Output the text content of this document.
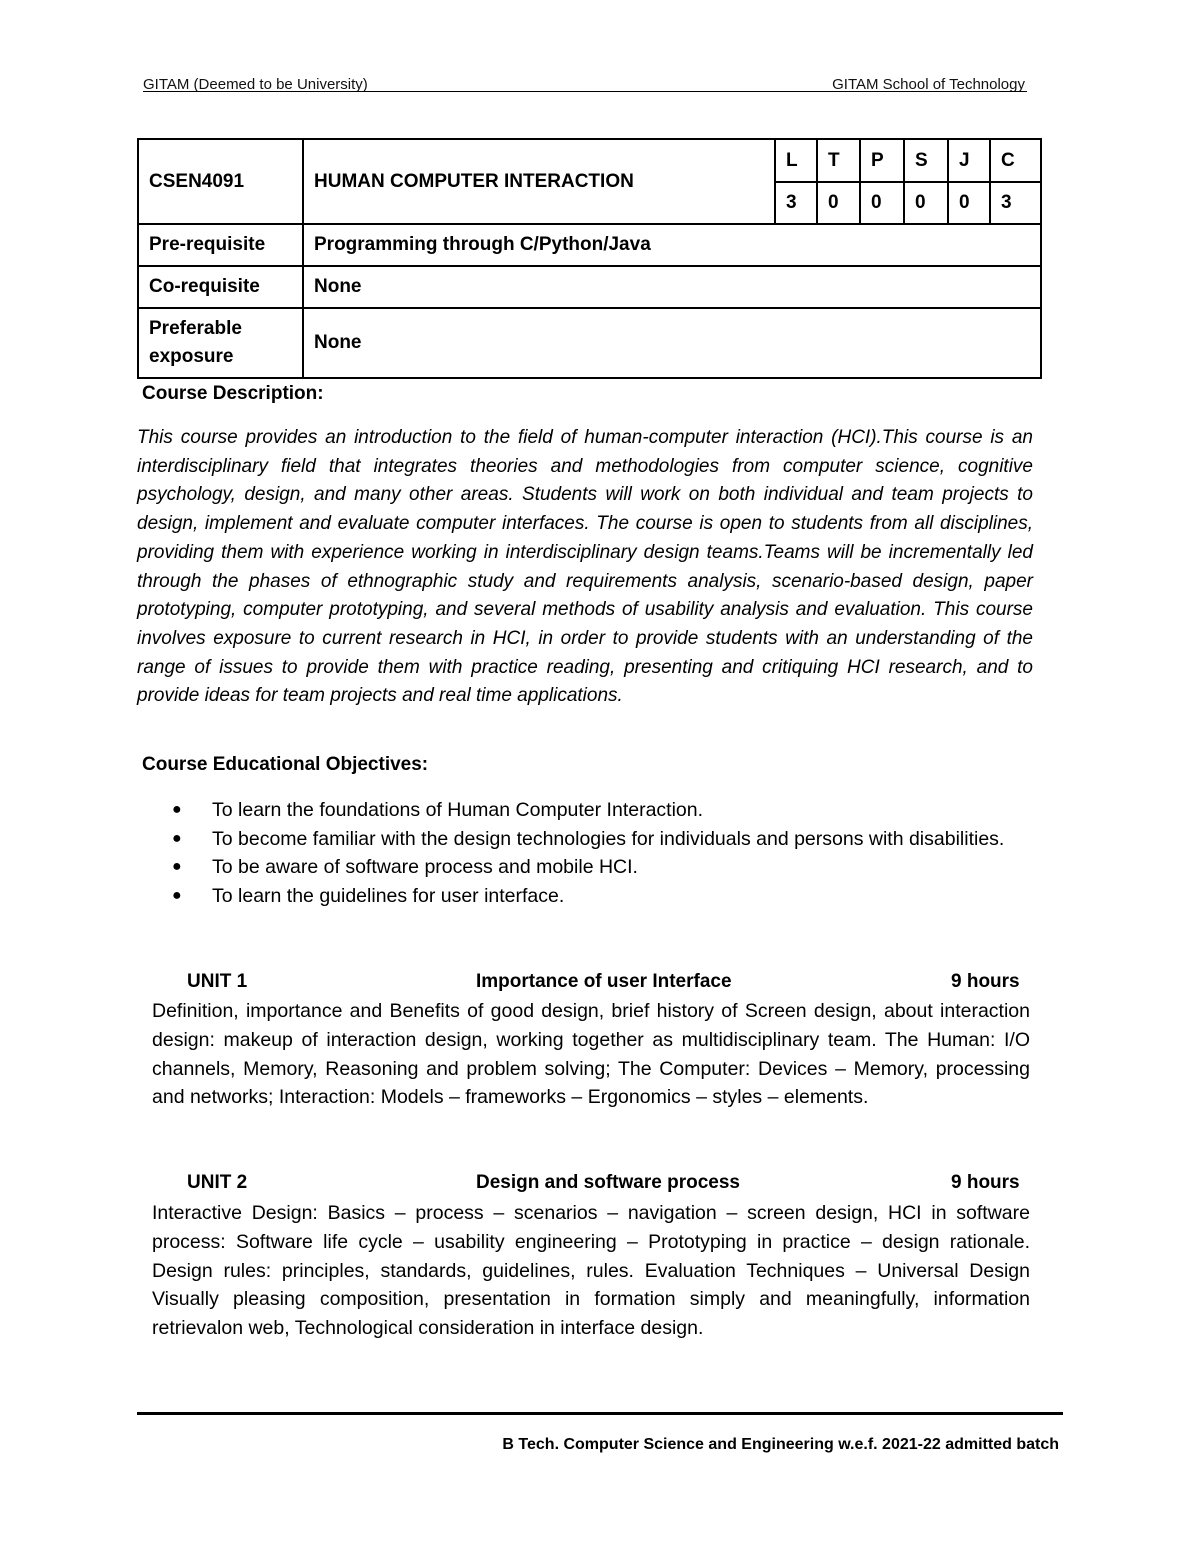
GITAM (Deemed to be University)	GITAM School of Technology
CSEN4091	HUMAN COMPUTER INTERACTION	L	T	P	S	J	C
		3	0	0	0	0	3
Pre-requisite	Programming through C/Python/Java						
Co-requisite	None						
Preferable
exposure	None						
Course Description:
This course provides an introduction to the field of human-computer interaction (HCI).This course is an interdisciplinary field that integrates theories and methodologies from computer science, cognitive psychology, design, and many other areas. Students will work on both individual and team projects to design, implement and evaluate computer interfaces. The course is open to students from all disciplines, providing them with experience working in interdisciplinary design teams.Teams will be incrementally led through the phases of ethnographic study and requirements analysis, scenario-based design, paper prototyping, computer prototyping, and several methods of usability analysis and evaluation. This course involves exposure to current research in HCI, in order to provide students with an understanding of the range of issues to provide them with practice reading, presenting and critiquing HCI research, and to provide ideas for team projects and real time applications.
Course Educational Objectives:
● To learn the foundations of Human Computer Interaction.
● To become familiar with the design technologies for individuals and persons with disabilities.
● To be aware of software process and mobile HCI.
● To learn the guidelines for user interface.
UNIT 1	Importance of user Interface	9 hours
Definition, importance and Benefits of good design, brief history of Screen design, about interaction design: makeup of interaction design, working together as multidisciplinary team. The Human: I/O channels, Memory, Reasoning and problem solving; The Computer: Devices – Memory, processing and networks; Interaction: Models – frameworks – Ergonomics – styles – elements.
UNIT 2	Design and software process	9 hours
Interactive Design: Basics – process – scenarios – navigation – screen design, HCI in software process: Software life cycle – usability engineering – Prototyping in practice – design rationale. Design rules: principles, standards, guidelines, rules. Evaluation Techniques – Universal Design Visually pleasing composition, presentation in formation simply and meaningfully, information retrievalon web, Technological consideration in interface design.
B Tech. Computer Science and Engineering w.e.f. 2021-22 admitted batch
